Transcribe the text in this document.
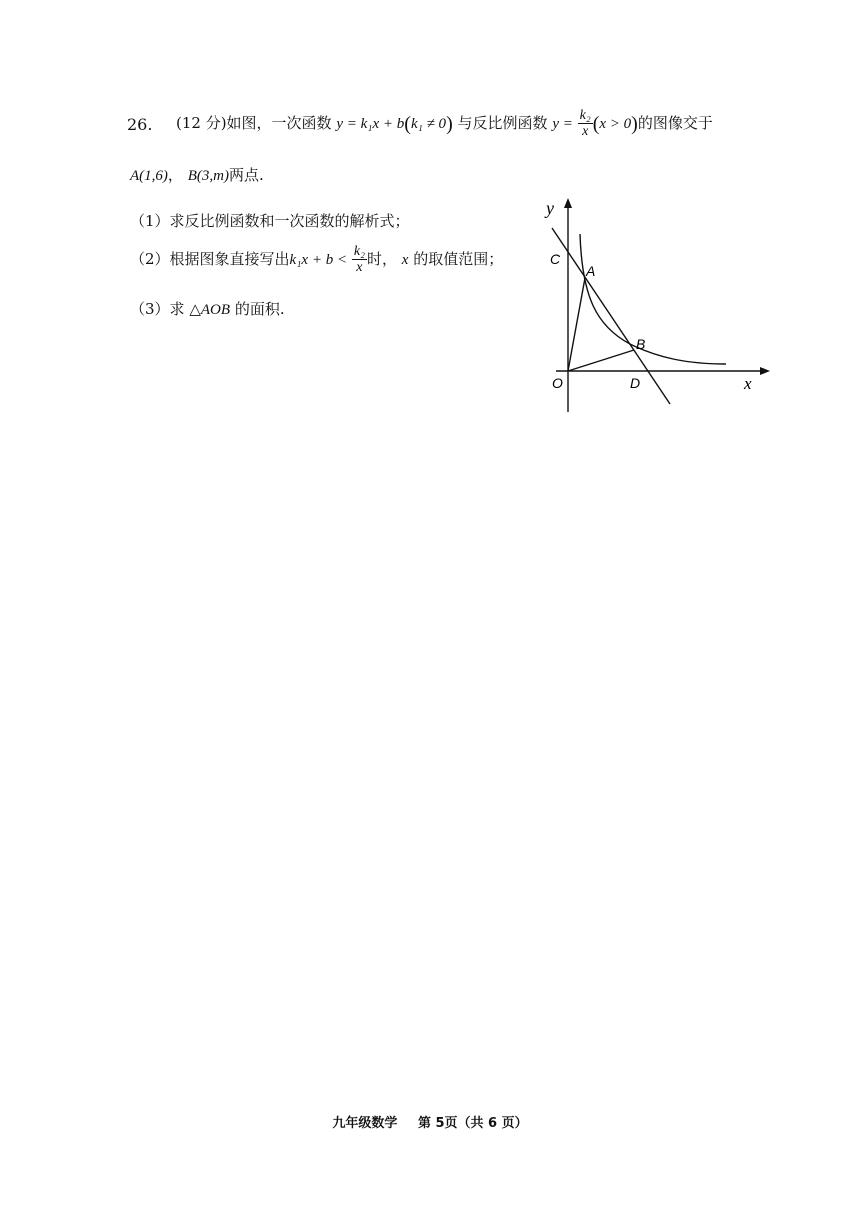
26. (12 分)如图，一次函数 y = k₁x + b(k₁ ≠ 0) 与反比例函数 $y = \frac{\text{k₂}}{x} (x > 0)$的图像交于
A(1,6)， B(3,m)两点.
（1）求反比例函数和一次函数的解析式；
（2）根据图象直接写出$k_1x + b < \frac{\text{k₂}}{x}$ 时， x 的取值范围；
（3）求 △AOB 的面积.
y
x
O
C
A
B
D
九年级数学 第 5页（共 6 页）
